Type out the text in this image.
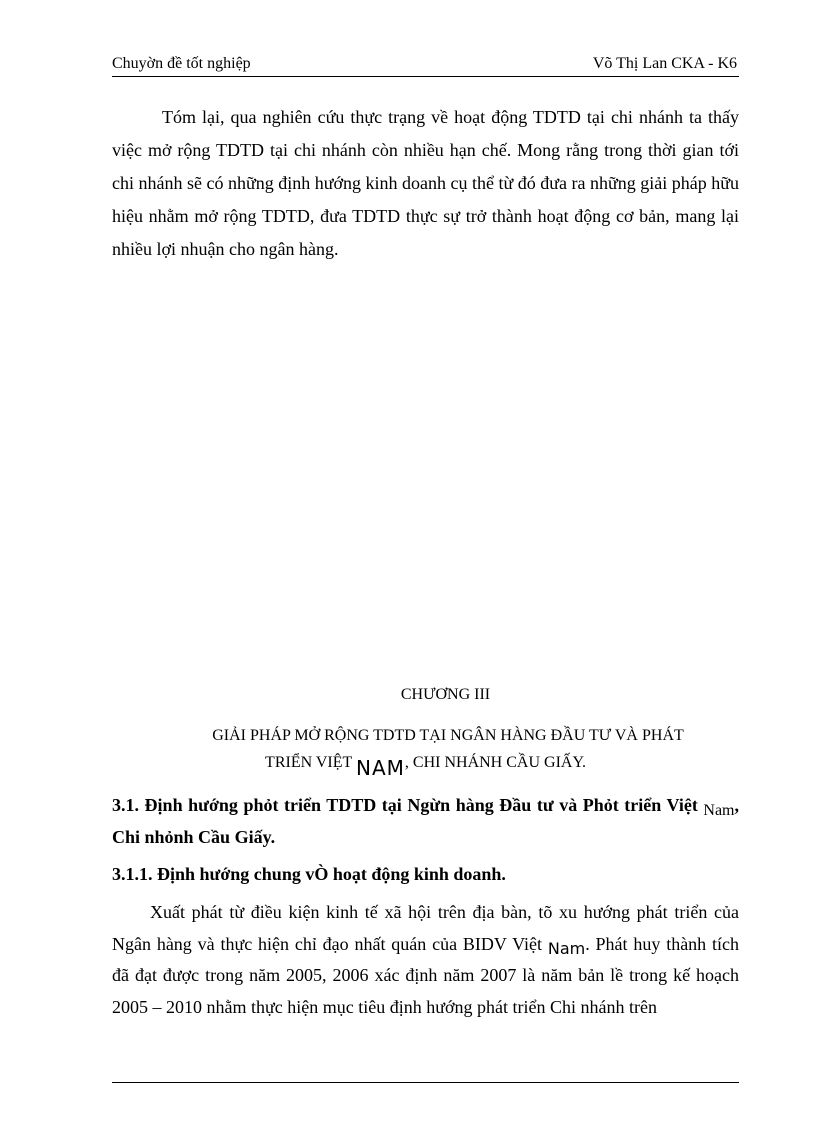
Chuyờn đề tốt nghiệp	Võ Thị Lan CKA - K6

Tóm lại, qua nghiên cứu thực trạng về hoạt động TDTD tại chi nhánh ta thấy việc mở rộng TDTD tại chi nhánh còn nhiều hạn chế. Mong rằng trong thời gian tới chi nhánh sẽ có những định hướng kinh doanh cụ thể từ đó đưa ra những giải pháp hữu hiệu nhằm mở rộng TDTD, đưa TDTD thực sự trở thành hoạt động cơ bản, mang lại nhiều lợi nhuận cho ngân hàng.

CHƯƠNG III
GIẢI PHÁP MỞ RỘNG TDTD TẠI NGÂN HÀNG ĐẦU TƯ VÀ PHÁT
TRIỂN VIỆT NAM, CHI NHÁNH CẦU GIẤY.
3.1. Định hướng phỏt triển TDTD tại Ngừn hàng Đầu tư và Phỏt triển Việt Nam, Chi nhỏnh Cầu Giấy.
3.1.1. Định hướng chung vÒ hoạt động kinh doanh.

Xuất phát từ điều kiện kinh tế xã hội trên địa bàn, tõ xu hướng phát triển của Ngân hàng và thực hiện chỉ đạo nhất quán của BIDV Việt Nam. Phát huy thành tích đã đạt được trong năm 2005, 2006 xác định năm 2007 là năm bản lề trong kế hoạch 2005 – 2010 nhằm thực hiện mục tiêu định hướng phát triển Chi nhánh trên
